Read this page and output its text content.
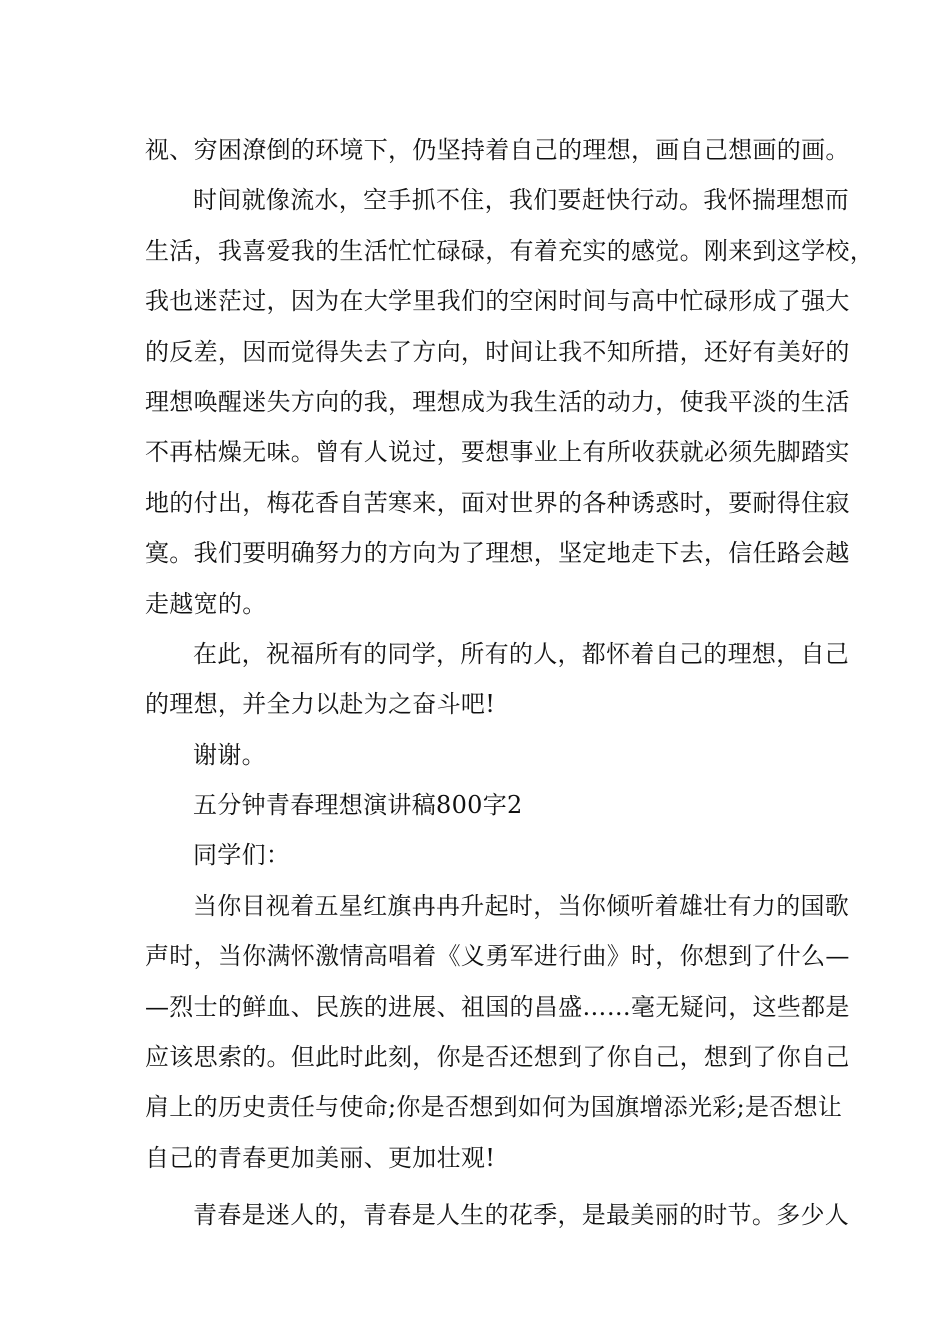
视、穷困潦倒的环境下，仍坚持着自己的理想，画自己想画的画。
时间就像流水，空手抓不住，我们要赶快行动。我怀揣理想而
生活，我喜爱我的生活忙忙碌碌，有着充实的感觉。刚来到这学校，
我也迷茫过，因为在大学里我们的空闲时间与高中忙碌形成了强大
的反差，因而觉得失去了方向，时间让我不知所措，还好有美好的
理想唤醒迷失方向的我，理想成为我生活的动力，使我平淡的生活
不再枯燥无味。曾有人说过，要想事业上有所收获就必须先脚踏实
地的付出，梅花香自苦寒来，面对世界的各种诱惑时，要耐得住寂
寞。我们要明确努力的方向为了理想，坚定地走下去，信任路会越
走越宽的。
在此，祝福所有的同学，所有的人，都怀着自己的理想，自己
的理想，并全力以赴为之奋斗吧!
谢谢。
五分钟青春理想演讲稿800字2
同学们：
当你目视着五星红旗冉冉升起时，当你倾听着雄壮有力的国歌
声时，当你满怀激情高唱着《义勇军进行曲》时，你想到了什么—
—烈士的鲜血、民族的进展、祖国的昌盛……毫无疑问，这些都是
应该思索的。但此时此刻，你是否还想到了你自己，想到了你自己
肩上的历史责任与使命;你是否想到如何为国旗增添光彩;是否想让
自己的青春更加美丽、更加壮观!
青春是迷人的，青春是人生的花季，是最美丽的时节。多少人
